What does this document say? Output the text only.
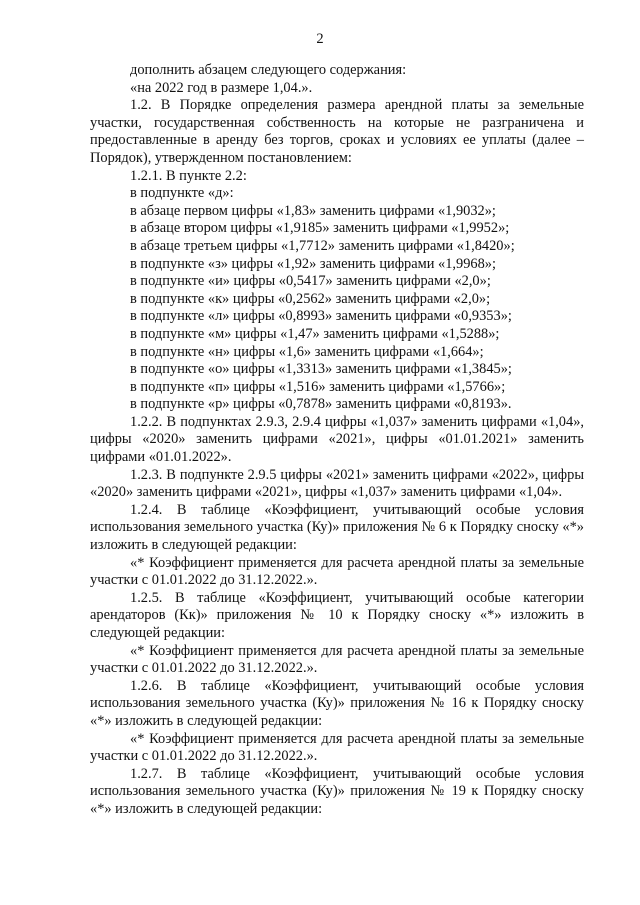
2

дополнить абзацем следующего содержания:

«на 2022 год в размере 1,04.».

1.2. В Порядке определения размера арендной платы за земельные участки, государственная собственность на которые не разграничена и предоставленные в аренду без торгов, сроках и условиях ее уплаты (далее – Порядок), утвержденном постановлением:

1.2.1. В пункте 2.2:

в подпункте «д»:

в абзаце первом цифры «1,83» заменить цифрами «1,9032»;

в абзаце втором цифры «1,9185» заменить цифрами «1,9952»;

в абзаце третьем цифры «1,7712» заменить цифрами «1,8420»;

в подпункте «з» цифры «1,92» заменить цифрами «1,9968»;

в подпункте «и» цифры «0,5417» заменить цифрами «2,0»;

в подпункте «к» цифры «0,2562» заменить цифрами «2,0»;

в подпункте «л» цифры «0,8993» заменить цифрами «0,9353»;

в подпункте «м» цифры «1,47» заменить цифрами «1,5288»;

в подпункте «н» цифры «1,6» заменить цифрами «1,664»;

в подпункте «о» цифры «1,3313» заменить цифрами «1,3845»;

в подпункте «п» цифры «1,516» заменить цифрами «1,5766»;

в подпункте «р» цифры «0,7878» заменить цифрами «0,8193».

1.2.2. В подпунктах 2.9.3, 2.9.4 цифры «1,037» заменить цифрами «1,04», цифры «2020» заменить цифрами «2021», цифры «01.01.2021» заменить цифрами «01.01.2022».

1.2.3. В подпункте 2.9.5 цифры «2021» заменить цифрами «2022», цифры «2020» заменить цифрами «2021», цифры «1,037» заменить цифрами «1,04».

1.2.4. В таблице «Коэффициент, учитывающий особые условия использования земельного участка (Ку)» приложения № 6 к Порядку сноску «*» изложить в следующей редакции:

«* Коэффициент применяется для расчета арендной платы за земельные участки с 01.01.2022 до 31.12.2022.».

1.2.5. В таблице «Коэффициент, учитывающий особые категории арендаторов (Кк)» приложения № 10 к Порядку сноску «*» изложить в следующей редакции:

«* Коэффициент применяется для расчета арендной платы за земельные участки с 01.01.2022 до 31.12.2022.».

1.2.6. В таблице «Коэффициент, учитывающий особые условия использования земельного участка (Ку)» приложения № 16 к Порядку сноску «*» изложить в следующей редакции:

«* Коэффициент применяется для расчета арендной платы за земельные участки с 01.01.2022 до 31.12.2022.».

1.2.7. В таблице «Коэффициент, учитывающий особые условия использования земельного участка (Ку)» приложения № 19 к Порядку сноску «*» изложить в следующей редакции:
